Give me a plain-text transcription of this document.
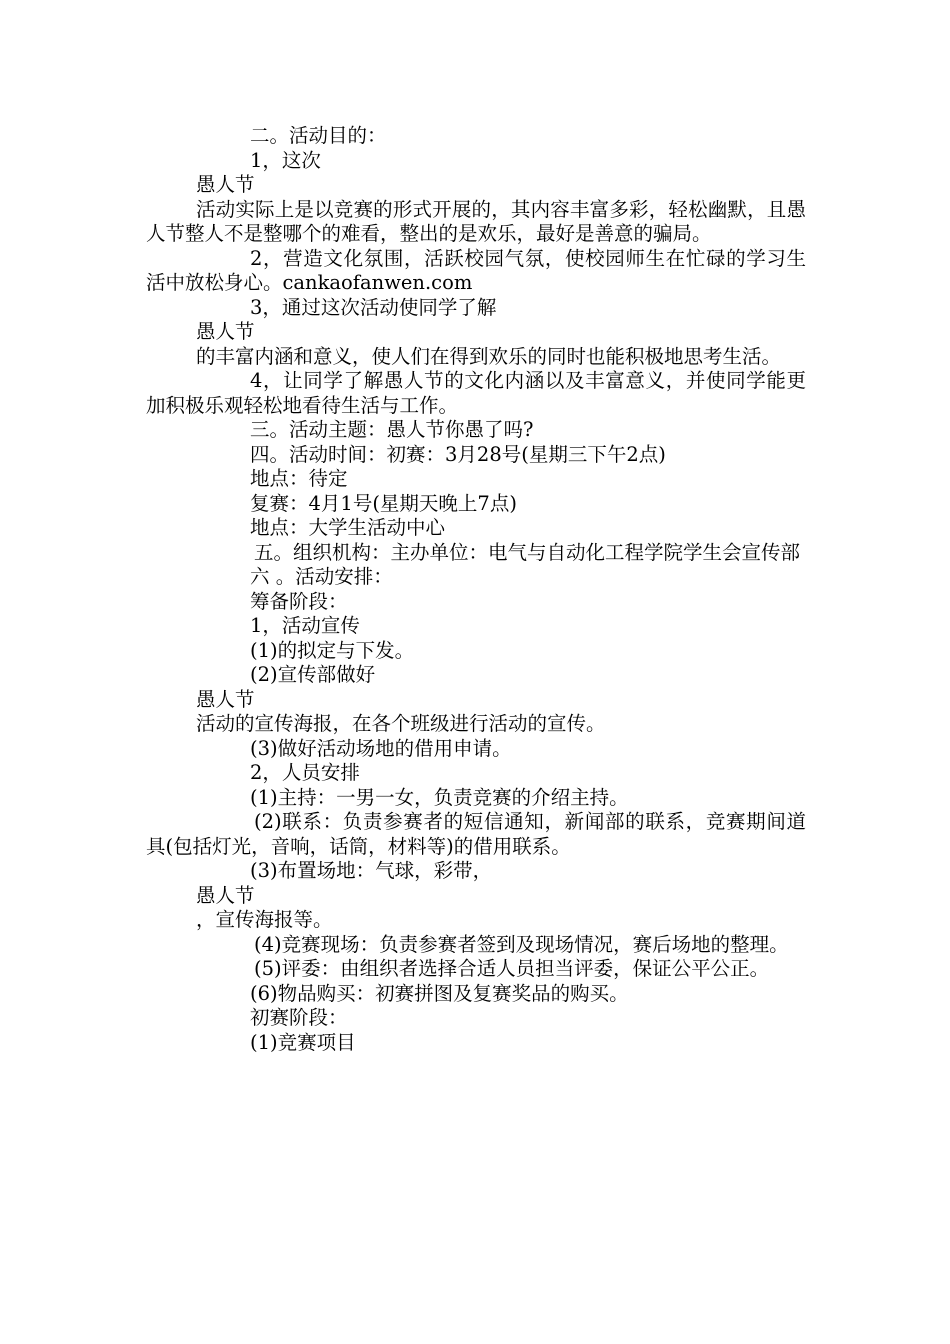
二。活动目的：
1，这次
愚人节
活动实际上是以竞赛的形式开展的，其内容丰富多彩，轻松幽默，且愚人节整人不是整哪个的难看，整出的是欢乐，最好是善意的骗局。
2，营造文化氛围，活跃校园气氛，使校园师生在忙碌的学习生活中放松身心。cankaofanwen.com
3，通过这次活动使同学了解
愚人节
的丰富内涵和意义，使人们在得到欢乐的同时也能积极地思考生活。
4，让同学了解愚人节的文化内涵以及丰富意义，并使同学能更加积极乐观轻松地看待生活与工作。
三。活动主题：愚人节你愚了吗?
四。活动时间：初赛：3月28号(星期三下午2点)
地点：待定
复赛：4月1号(星期天晚上7点)
地点：大学生活动中心
五。组织机构：主办单位：电气与自动化工程学院学生会宣传部
六 。活动安排：
筹备阶段：
1，活动宣传
(1)的拟定与下发。
(2)宣传部做好
愚人节
活动的宣传海报，在各个班级进行活动的宣传。
(3)做好活动场地的借用申请。
2，人员安排
(1)主持：一男一女，负责竞赛的介绍主持。
(2)联系：负责参赛者的短信通知，新闻部的联系，竞赛期间道具(包括灯光，音响，话筒，材料等)的借用联系。
(3)布置场地：气球，彩带，
愚人节
，宣传海报等。
(4)竞赛现场：负责参赛者签到及现场情况，赛后场地的整理。
(5)评委：由组织者选择合适人员担当评委，保证公平公正。
(6)物品购买：初赛拼图及复赛奖品的购买。
初赛阶段：
(1)竞赛项目
